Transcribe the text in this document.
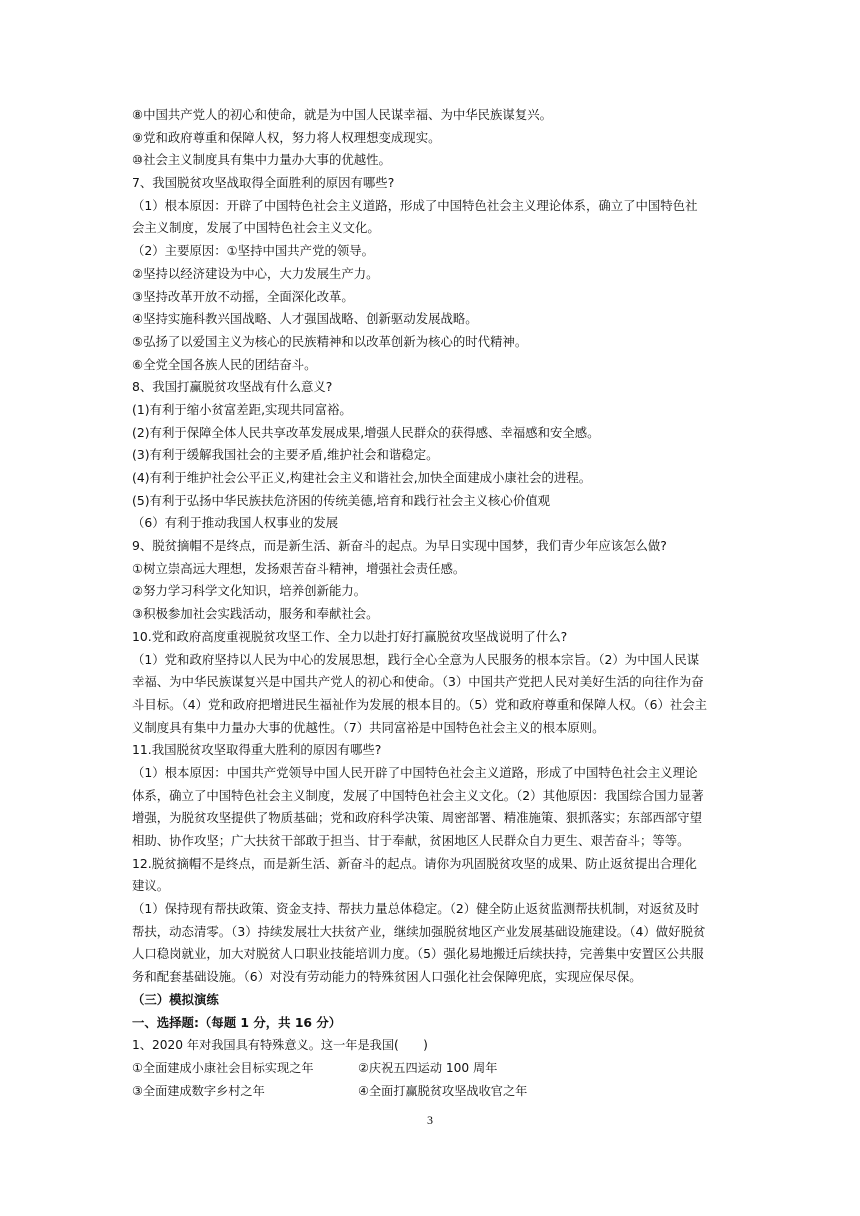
⑧中国共产党人的初心和使命，就是为中国人民谋幸福、为中华民族谋复兴。
⑨党和政府尊重和保障人权，努力将人权理想变成现实。
⑩社会主义制度具有集中力量办大事的优越性。
7、我国脱贫攻坚战取得全面胜利的原因有哪些?
（1）根本原因：开辟了中国特色社会主义道路，形成了中国特色社会主义理论体系，确立了中国特色社
会主义制度，发展了中国特色社会主义文化。
（2）主要原因：①坚持中国共产党的领导。
②坚持以经济建设为中心，大力发展生产力。
③坚持改革开放不动摇，全面深化改革。
④坚持实施科教兴国战略、人才强国战略、创新驱动发展战略。
⑤弘扬了以爱国主义为核心的民族精神和以改革创新为核心的时代精神。
⑥全党全国各族人民的团结奋斗。
8、我国打赢脱贫攻坚战有什么意义?
(1)有利于缩小贫富差距,实现共同富裕。
(2)有利于保障全体人民共享改革发展成果,增强人民群众的获得感、幸福感和安全感。
(3)有利于缓解我国社会的主要矛盾,维护社会和谐稳定。
(4)有利于维护社会公平正义,构建社会主义和谐社会,加快全面建成小康社会的进程。
(5)有利于弘扬中华民族扶危济困的传统美德,培育和践行社会主义核心价值观
（6）有利于推动我国人权事业的发展
9、脱贫摘帽不是终点，而是新生活、新奋斗的起点。为早日实现中国梦，我们青少年应该怎么做?
①树立崇高远大理想，发扬艰苦奋斗精神，增强社会责任感。
②努力学习科学文化知识，培养创新能力。
③积极参加社会实践活动，服务和奉献社会。
10.党和政府高度重视脱贫攻坚工作、全力以赴打好打赢脱贫攻坚战说明了什么?
（1）党和政府坚持以人民为中心的发展思想，践行全心全意为人民服务的根本宗旨。（2）为中国人民谋
幸福、为中华民族谋复兴是中国共产党人的初心和使命。（3）中国共产党把人民对美好生活的向往作为奋
斗目标。（4）党和政府把增进民生福祉作为发展的根本目的。（5）党和政府尊重和保障人权。（6）社会主
义制度具有集中力量办大事的优越性。（7）共同富裕是中国特色社会主义的根本原则。
11.我国脱贫攻坚取得重大胜利的原因有哪些?
（1）根本原因：中国共产党领导中国人民开辟了中国特色社会主义道路，形成了中国特色社会主义理论
体系，确立了中国特色社会主义制度，发展了中国特色社会主义文化。（2）其他原因：我国综合国力显著
增强，为脱贫攻坚提供了物质基础；党和政府科学决策、周密部署、精准施策、狠抓落实；东部西部守望
相助、协作攻坚；广大扶贫干部敢于担当、甘于奉献，贫困地区人民群众自力更生、艰苦奋斗；等等。
12.脱贫摘帽不是终点，而是新生活、新奋斗的起点。请你为巩固脱贫攻坚的成果、防止返贫提出合理化
建议。
（1）保持现有帮扶政策、资金支持、帮扶力量总体稳定。（2）健全防止返贫监测帮扶机制，对返贫及时
帮扶，动态清零。（3）持续发展壮大扶贫产业，继续加强脱贫地区产业发展基础设施建设。（4）做好脱贫
人口稳岗就业，加大对脱贫人口职业技能培训力度。（5）强化易地搬迁后续扶持，完善集中安置区公共服
务和配套基础设施。（6）对没有劳动能力的特殊贫困人口强化社会保障兜底，实现应保尽保。
（三）模拟演练
一、选择题:（每题 1 分，共 16 分）
1、2020 年对我国具有特殊意义。这一年是我国(　　)
①全面建成小康社会目标实现之年	②庆祝五四运动 100 周年
③全面建成数字乡村之年	④全面打赢脱贫攻坚战收官之年
3
